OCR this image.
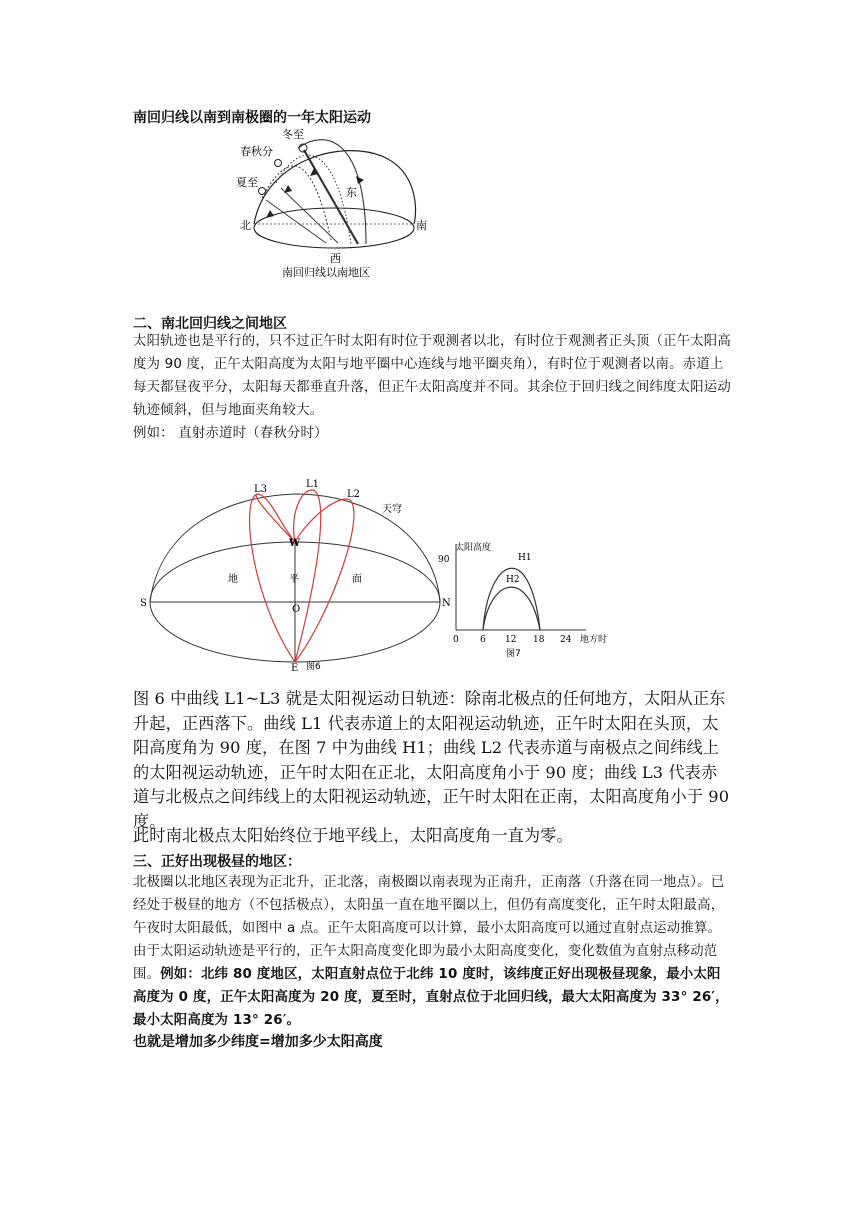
南回归线以南到南极圈的一年太阳运动
冬至
春秋分
夏至
东
北	南
西
南回归线以南地区
二、南北回归线之间地区

太阳轨迹也是平行的，只不过正午时太阳有时位于观测者以北，有时位于观测者正头顶（正午太阳高度为 90 度，正午太阳高度为太阳与地平圈中心连线与地平圈夹角），有时位于观测者以南。赤道上每天都昼夜平分，太阳每天都垂直升落，但正午太阳高度并不同。其余位于回归线之间纬度太阳运动轨迹倾斜，但与地面夹角较大。

例如： 直射赤道时（春秋分时）

L3	L1
L2
天穹
W
地	平	面
S	N
O
E 图6
太阳高度
90	H1
H2
0 6 12 18 24 地方时
图7

图 6 中曲线 L1~L3 就是太阳视运动日轨迹：除南北极点的任何地方，太阳从正东升起，正西落下。曲线 L1 代表赤道上的太阳视运动轨迹，正午时太阳在头顶，太阳高度角为 90 度，在图 7 中为曲线 H1；曲线 L2 代表赤道与南极点之间纬线上的太阳视运动轨迹，正午时太阳在正北，太阳高度角小于 90 度；曲线 L3 代表赤道与北极点之间纬线上的太阳视运动轨迹，正午时太阳在正南，太阳高度角小于 90 度。

此时南北极点太阳始终位于地平线上，太阳高度角一直为零。

三、正好出现极昼的地区：
北极圈以北地区表现为正北升，正北落，南极圈以南表现为正南升，正南落（升落在同一地点）。已经处于极昼的地方（不包括极点），太阳虽一直在地平圈以上，但仍有高度变化，正午时太阳最高，午夜时太阳最低，如图中 a 点。正午太阳高度可以计算，最小太阳高度可以通过直射点运动推算。由于太阳运动轨迹是平行的，正午太阳高度变化即为最小太阳高度变化，变化数值为直射点移动范围。例如：北纬 80 度地区，太阳直射点位于北纬 10 度时，该纬度正好出现极昼现象，最小太阳高度为 0 度，正午太阳高度为 20 度，夏至时，直射点位于北回归线，最大太阳高度为 33° 26′，最小太阳高度为 13° 26′。
也就是增加多少纬度=增加多少太阳高度
